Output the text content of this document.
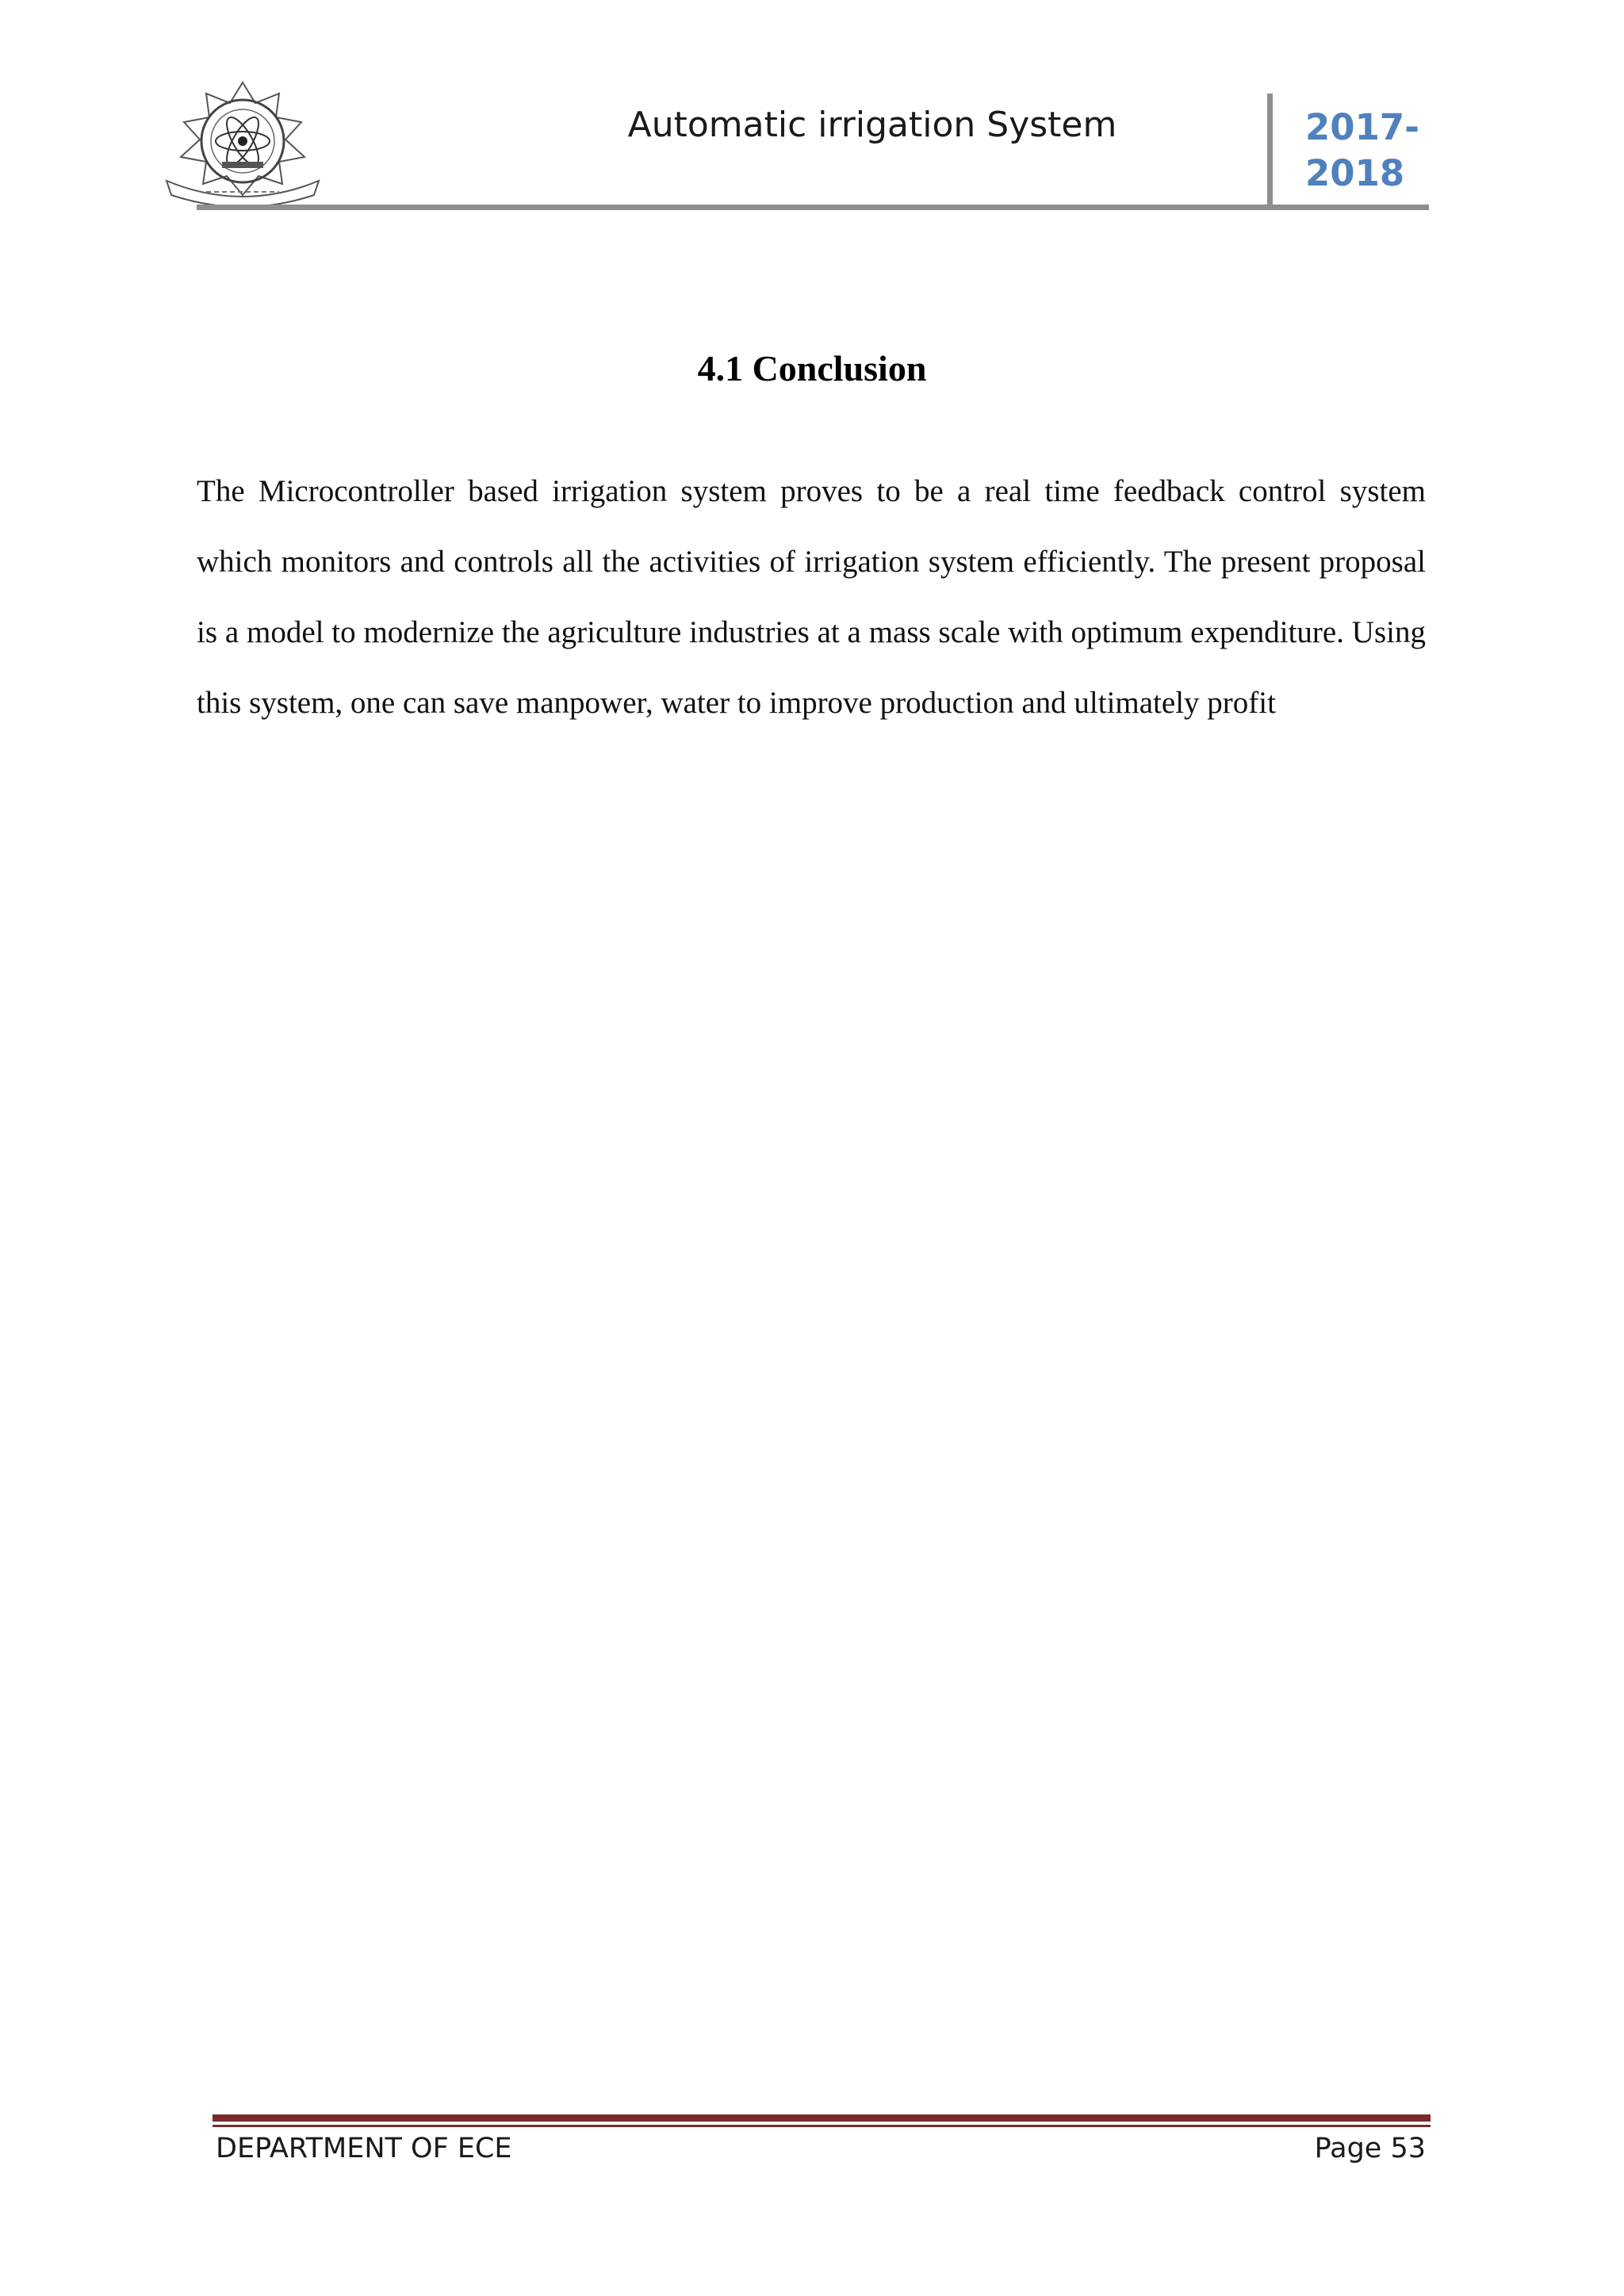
Automatic irrigation System	2017-
2018
4.1 Conclusion

The Microcontroller based irrigation system proves to be a real time feedback control system which monitors and controls all the activities of irrigation system efficiently. The present proposal is a model to modernize the agriculture industries at a mass scale with optimum expenditure. Using this system, one can save manpower, water to improve production and ultimately profit

DEPARTMENT OF ECE	Page 53
